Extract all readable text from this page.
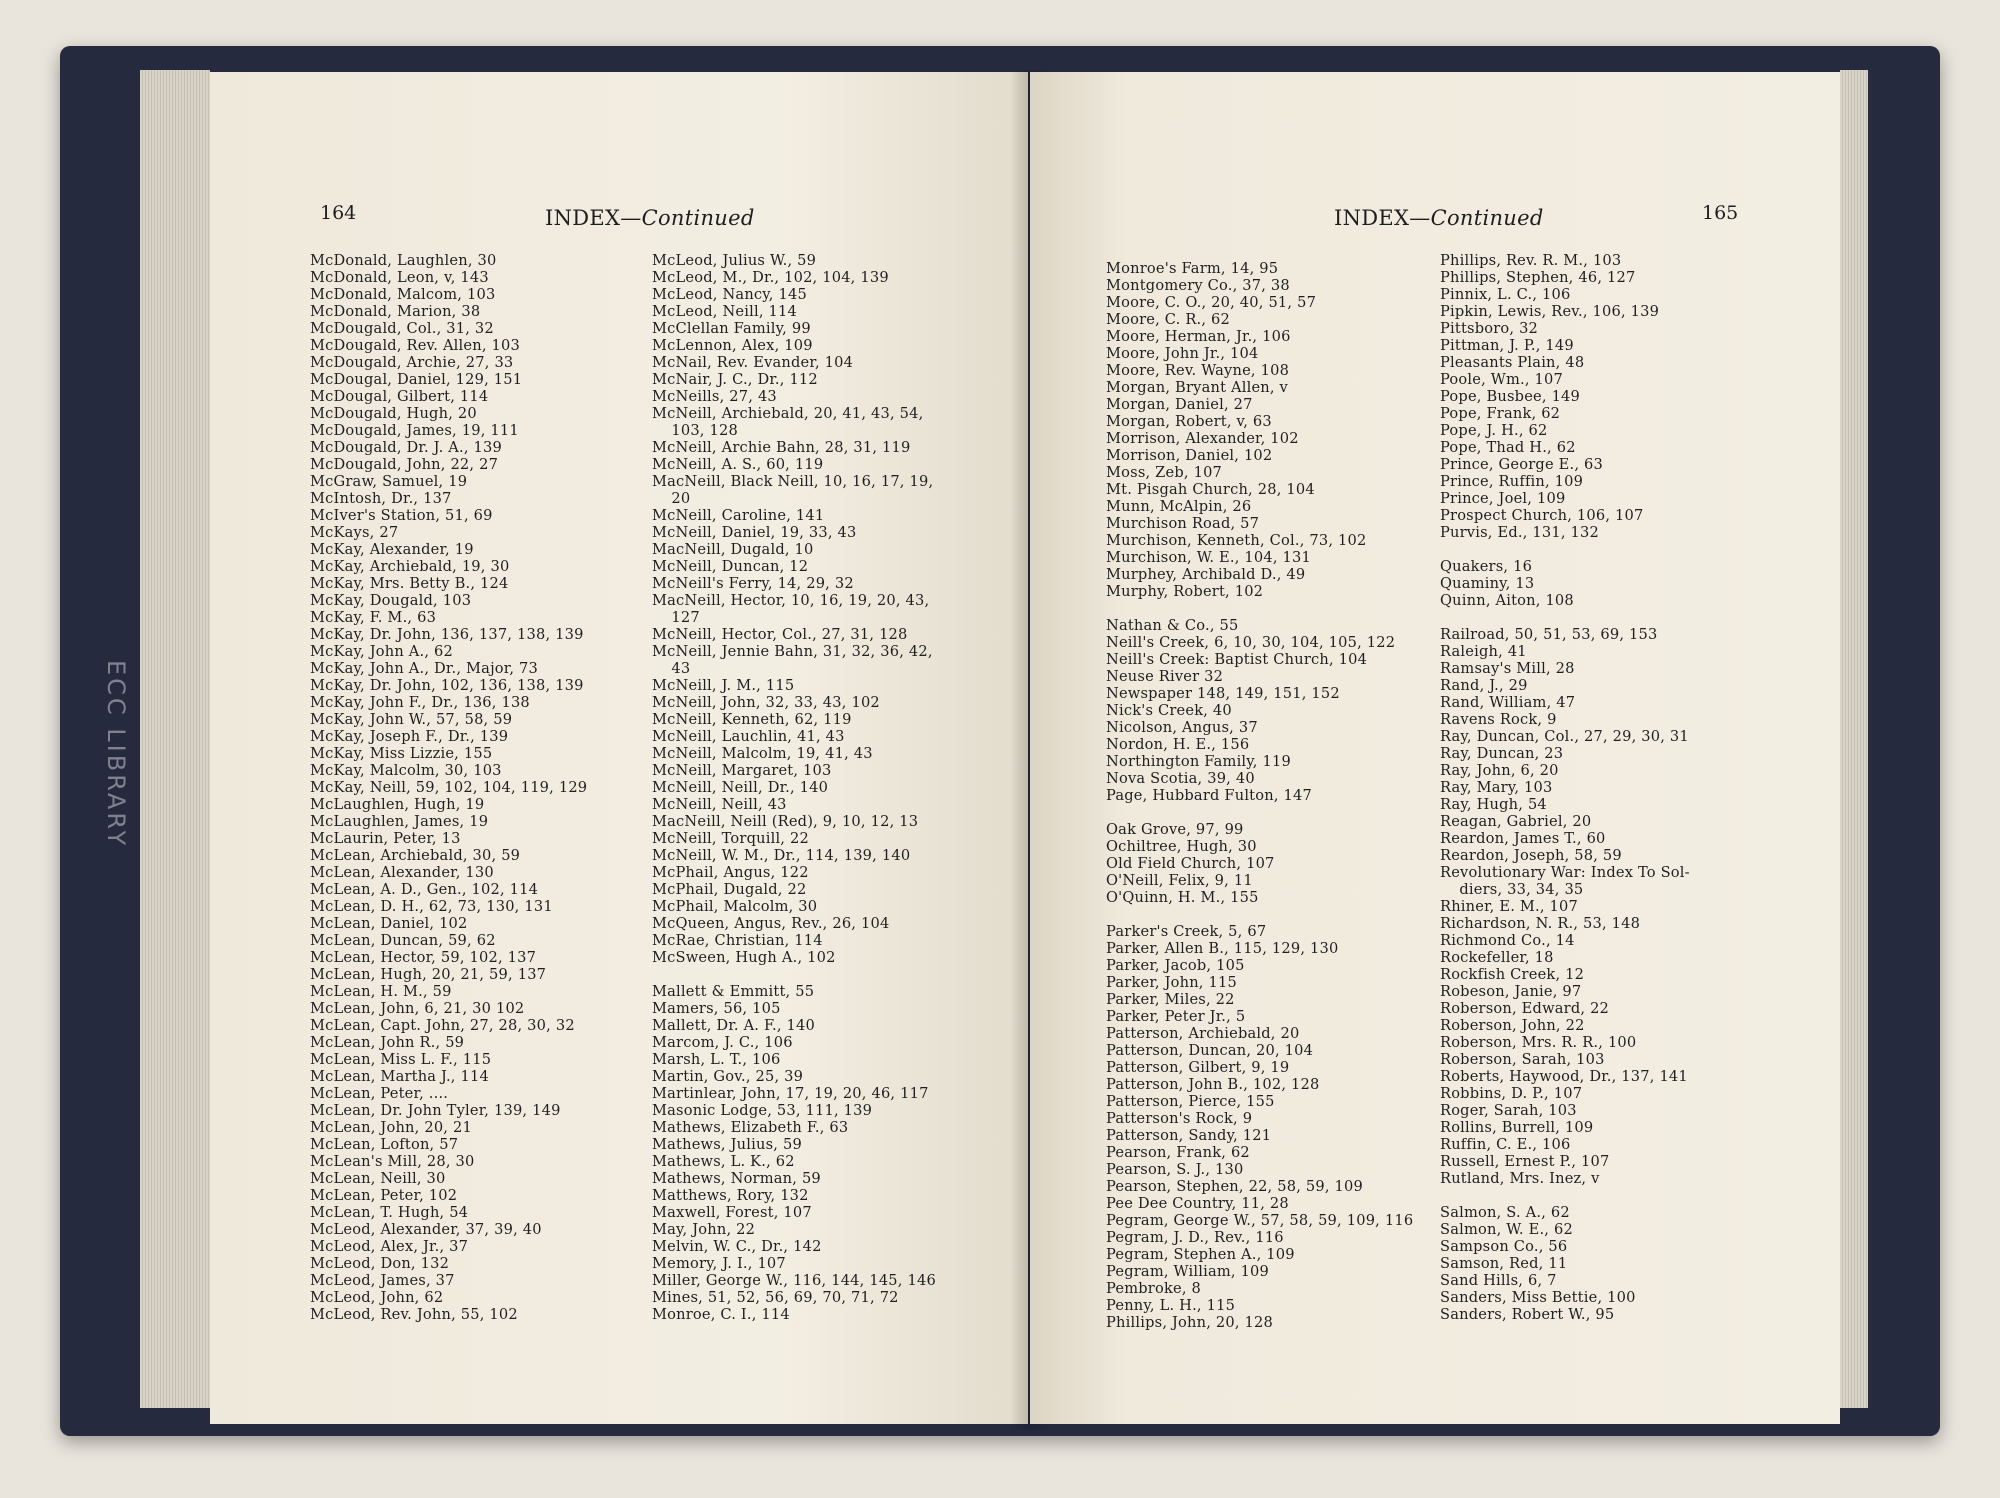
164	INDEX—Continued
McDonald, Laughlen, 30
McDonald, Leon, v, 143
McDonald, Malcom, 103
McDonald, Marion, 38
McDougald, Col., 31, 32
McDougald, Rev. Allen, 103
McDougald, Archie, 27, 33
McDougal, Daniel, 129, 151
McDougal, Gilbert, 114
McDougald, Hugh, 20
McDougald, James, 19, 111
McDougald, Dr. J. A., 139
McDougald, John, 22, 27
McGraw, Samuel, 19
McIntosh, Dr., 137
McIver's Station, 51, 69
McKays, 27
McKay, Alexander, 19
McKay, Archiebald, 19, 30
McKay, Mrs. Betty B., 124
McKay, Dougald, 103
McKay, F. M., 63
McKay, Dr. John, 136, 137, 138, 139
McKay, John A., 62
McKay, John A., Dr., Major, 73
McKay, Dr. John, 102, 136, 138, 139
McKay, John F., Dr., 136, 138
McKay, John W., 57, 58, 59
McKay, Joseph F., Dr., 139
McKay, Miss Lizzie, 155
McKay, Malcolm, 30, 103
McKay, Neill, 59, 102, 104, 119, 129
McLaughlen, Hugh, 19
McLaughlen, James, 19
McLaurin, Peter, 13
McLean, Archiebald, 30, 59
McLean, Alexander, 130
McLean, A. D., Gen., 102, 114
McLean, D. H., 62, 73, 130, 131
McLean, Daniel, 102
McLean, Duncan, 59, 62
McLean, Hector, 59, 102, 137
McLean, Hugh, 20, 21, 59, 137
McLean, H. M., 59
McLean, John, 6, 21, 30 102
McLean, Capt. John, 27, 28, 30, 32
McLean, John R., 59
McLean, Miss L. F., 115
McLean, Martha J., 114
McLean, Peter, ....
McLean, Dr. John Tyler, 139, 149
McLean, John, 20, 21
McLean, Lofton, 57
McLean's Mill, 28, 30
McLean, Neill, 30
McLean, Peter, 102
McLean, T. Hugh, 54
McLeod, Alexander, 37, 39, 40
McLeod, Alex, Jr., 37
McLeod, Don, 132
McLeod, James, 37
McLeod, John, 62
McLeod, Rev. John, 55, 102
McLeod, Julius W., 59
McLeod, M., Dr., 102, 104, 139
McLeod, Nancy, 145
McLeod, Neill, 114
McClellan Family, 99
McLennon, Alex, 109
McNail, Rev. Evander, 104
McNair, J. C., Dr., 112
McNeills, 27, 43
McNeill, Archiebald, 20, 41, 43, 54,
103, 128
McNeill, Archie Bahn, 28, 31, 119
McNeill, A. S., 60, 119
MacNeill, Black Neill, 10, 16, 17, 19,
20
McNeill, Caroline, 141
McNeill, Daniel, 19, 33, 43
MacNeill, Dugald, 10
McNeill, Duncan, 12
McNeill's Ferry, 14, 29, 32
MacNeill, Hector, 10, 16, 19, 20, 43,
127
McNeill, Hector, Col., 27, 31, 128
McNeill, Jennie Bahn, 31, 32, 36, 42,
43
McNeill, J. M., 115
McNeill, John, 32, 33, 43, 102
McNeill, Kenneth, 62, 119
McNeill, Lauchlin, 41, 43
McNeill, Malcolm, 19, 41, 43
McNeill, Margaret, 103
McNeill, Neill, Dr., 140
McNeill, Neill, 43
MacNeill, Neill (Red), 9, 10, 12, 13
McNeill, Torquill, 22
McNeill, W. M., Dr., 114, 139, 140
McPhail, Angus, 122
McPhail, Dugald, 22
McPhail, Malcolm, 30
McQueen, Angus, Rev., 26, 104
McRae, Christian, 114
McSween, Hugh A., 102
Mallett & Emmitt, 55
Mamers, 56, 105
Mallett, Dr. A. F., 140
Marcom, J. C., 106
Marsh, L. T., 106
Martin, Gov., 25, 39
Martinlear, John, 17, 19, 20, 46, 117
Masonic Lodge, 53, 111, 139
Mathews, Elizabeth F., 63
Mathews, Julius, 59
Mathews, L. K., 62
Mathews, Norman, 59
Matthews, Rory, 132
Maxwell, Forest, 107
May, John, 22
Melvin, W. C., Dr., 142
Memory, J. I., 107
Miller, George W., 116, 144, 145, 146
Mines, 51, 52, 56, 69, 70, 71, 72
Monroe, C. I., 114
INDEX—Continued	165
Monroe's Farm, 14, 95
Montgomery Co., 37, 38
Moore, C. O., 20, 40, 51, 57
Moore, C. R., 62
Moore, Herman, Jr., 106
Moore, John Jr., 104
Moore, Rev. Wayne, 108
Morgan, Bryant Allen, v
Morgan, Daniel, 27
Morgan, Robert, v, 63
Morrison, Alexander, 102
Morrison, Daniel, 102
Moss, Zeb, 107
Mt. Pisgah Church, 28, 104
Munn, McAlpin, 26
Murchison Road, 57
Murchison, Kenneth, Col., 73, 102
Murchison, W. E., 104, 131
Murphey, Archibald D., 49
Murphy, Robert, 102
Nathan & Co., 55
Neill's Creek, 6, 10, 30, 104, 105, 122
Neill's Creek: Baptist Church, 104
Neuse River 32
Newspaper 148, 149, 151, 152
Nick's Creek, 40
Nicolson, Angus, 37
Nordon, H. E., 156
Northington Family, 119
Nova Scotia, 39, 40
Page, Hubbard Fulton, 147
Oak Grove, 97, 99
Ochiltree, Hugh, 30
Old Field Church, 107
O'Neill, Felix, 9, 11
O'Quinn, H. M., 155
Parker's Creek, 5, 67
Parker, Allen B., 115, 129, 130
Parker, Jacob, 105
Parker, John, 115
Parker, Miles, 22
Parker, Peter Jr., 5
Patterson, Archiebald, 20
Patterson, Duncan, 20, 104
Patterson, Gilbert, 9, 19
Patterson, John B., 102, 128
Patterson, Pierce, 155
Patterson's Rock, 9
Patterson, Sandy, 121
Pearson, Frank, 62
Pearson, S. J., 130
Pearson, Stephen, 22, 58, 59, 109
Pee Dee Country, 11, 28
Pegram, George W., 57, 58, 59, 109, 116
Pegram, J. D., Rev., 116
Pegram, Stephen A., 109
Pegram, William, 109
Pembroke, 8
Penny, L. H., 115
Phillips, John, 20, 128
Phillips, Rev. R. M., 103
Phillips, Stephen, 46, 127
Pinnix, L. C., 106
Pipkin, Lewis, Rev., 106, 139
Pittsboro, 32
Pittman, J. P., 149
Pleasants Plain, 48
Poole, Wm., 107
Pope, Busbee, 149
Pope, Frank, 62
Pope, J. H., 62
Pope, Thad H., 62
Prince, George E., 63
Prince, Ruffin, 109
Prince, Joel, 109
Prospect Church, 106, 107
Purvis, Ed., 131, 132
Quakers, 16
Quaminy, 13
Quinn, Aiton, 108
Railroad, 50, 51, 53, 69, 153
Raleigh, 41
Ramsay's Mill, 28
Rand, J., 29
Rand, William, 47
Ravens Rock, 9
Ray, Duncan, Col., 27, 29, 30, 31
Ray, Duncan, 23
Ray, John, 6, 20
Ray, Mary, 103
Ray, Hugh, 54
Reagan, Gabriel, 20
Reardon, James T., 60
Reardon, Joseph, 58, 59
Revolutionary War: Index To Sol-
diers, 33, 34, 35
Rhiner, E. M., 107
Richardson, N. R., 53, 148
Richmond Co., 14
Rockefeller, 18
Rockfish Creek, 12
Robeson, Janie, 97
Roberson, Edward, 22
Roberson, John, 22
Roberson, Mrs. R. R., 100
Roberson, Sarah, 103
Roberts, Haywood, Dr., 137, 141
Robbins, D. P., 107
Roger, Sarah, 103
Rollins, Burrell, 109
Ruffin, C. E., 106
Russell, Ernest P., 107
Rutland, Mrs. Inez, v
Salmon, S. A., 62
Salmon, W. E., 62
Sampson Co., 56
Samson, Red, 11
Sand Hills, 6, 7
Sanders, Miss Bettie, 100
Sanders, Robert W., 95
ECC LIBRARY
